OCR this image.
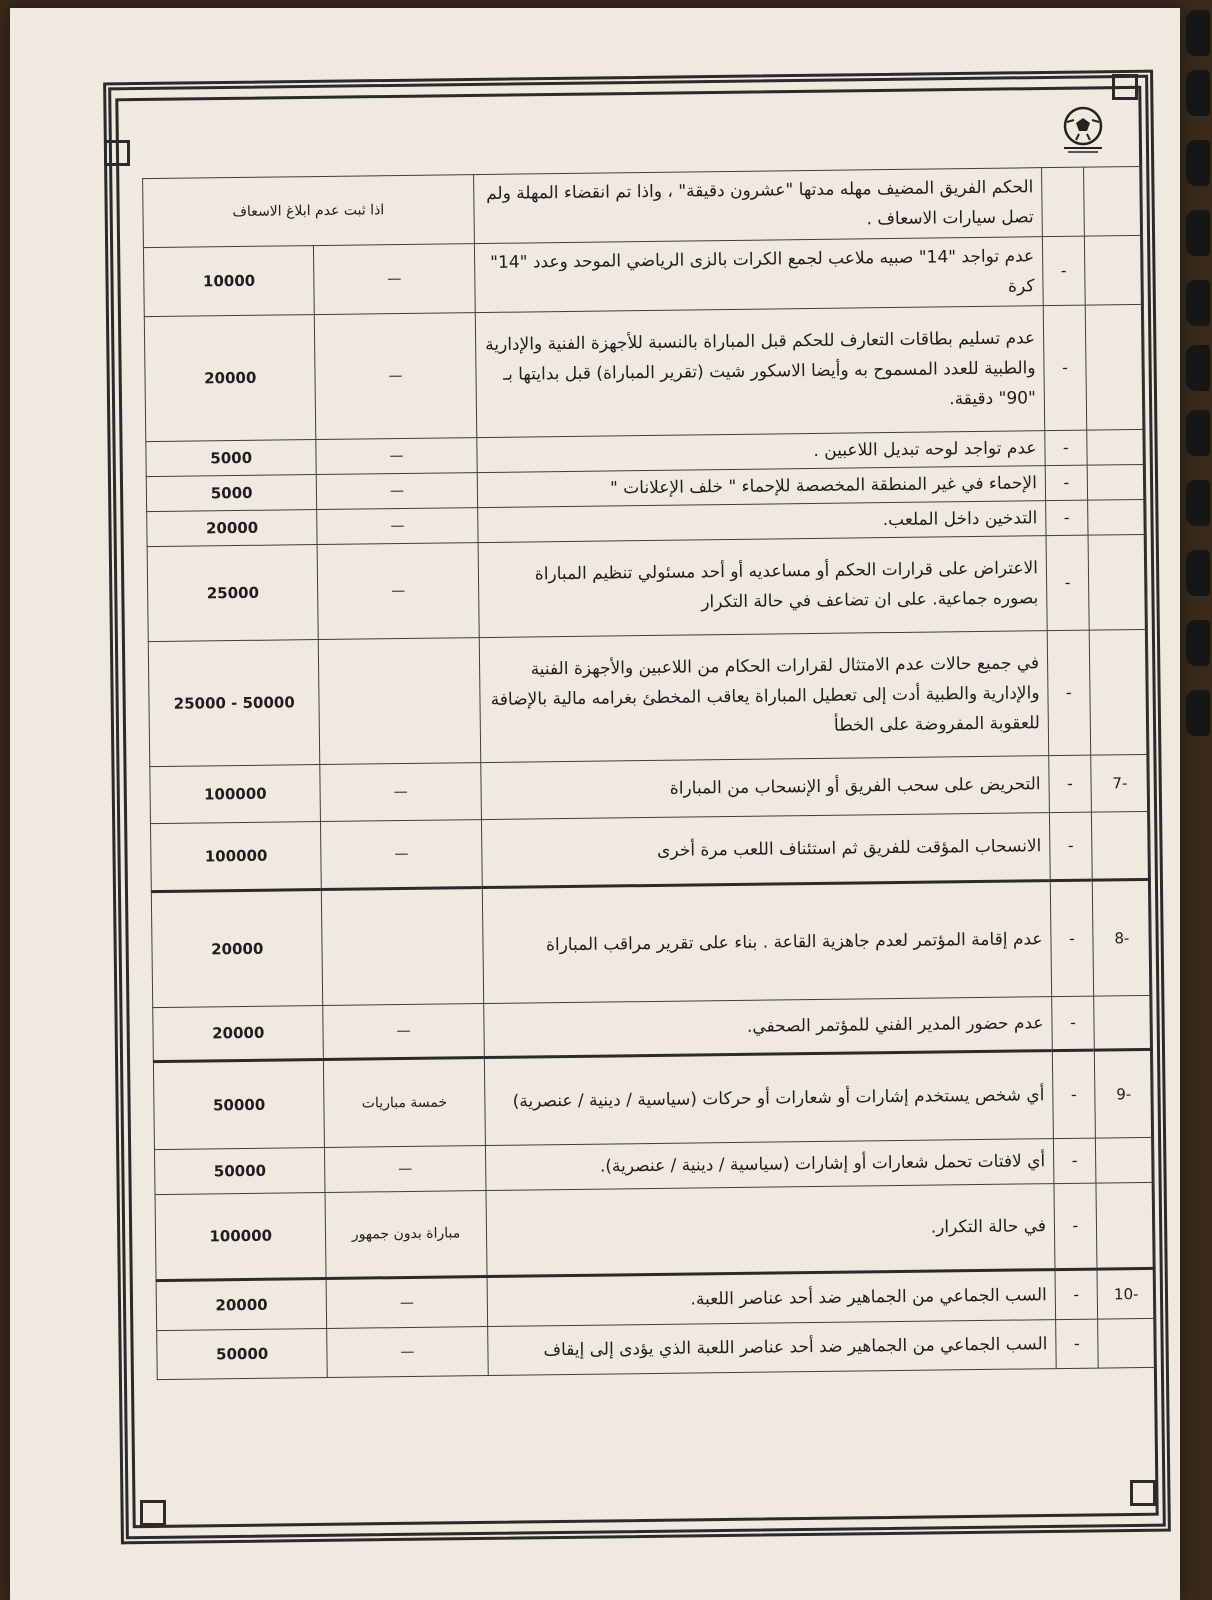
		الحكم الفريق المضيف مهله مدتها "عشرون دقيقة" ، واذا تم انقضاء المهلة ولم تصل سيارات الاسعاف .	اذا ثبت عدم ابلاغ الاسعاف	
	-	عدم تواجد "14" صبيه ملاعب لجمع الكرات بالزى الرياضي الموحد وعدد "14" كرة	—	10000
	-	عدم تسليم بطاقات التعارف للحكم قبل المباراة بالنسبة للأجهزة الفنية والإدارية والطبية للعدد المسموح به وأيضا الاسكور شيت (تقرير المباراة) قبل بدايتها بـ "90" دقيقة.	—	20000
	-	عدم تواجد لوحه تبديل اللاعبين .	—	5000
	-	الإحماء في غير المنطقة المخصصة للإحماء " خلف الإعلانات "	—	5000
	-	التدخين داخل الملعب.	—	20000
	-	الاعتراض على قرارات الحكم أو مساعديه أو أحد مسئولي تنظيم المباراة بصوره جماعية. على ان تضاعف في حالة التكرار	—	25000
	-	في جميع حالات عدم الامتثال لقرارات الحكام من اللاعبين والأجهزة الفنية والإدارية والطبية أدت إلى تعطيل المباراة يعاقب المخطئ بغرامه مالية بالإضافة للعقوبة المفروضة على الخطأ		50000 - 25000
-7	-	التحريض على سحب الفريق أو الإنسحاب من المباراة	—	100000
	-	الانسحاب المؤقت للفريق ثم استئناف اللعب مرة أخرى	—	100000
-8	-	عدم إقامة المؤتمر لعدم جاهزية القاعة . بناء على تقرير مراقب المباراة		20000
	-	عدم حضور المدير الفني للمؤتمر الصحفي.	—	20000
-9	-	أي شخص يستخدم إشارات أو شعارات أو حركات (سياسية / دينية / عنصرية)	خمسة مباريات	50000
	-	أي لافتات تحمل شعارات أو إشارات (سياسية / دينية / عنصرية).	—	50000
	-	في حالة التكرار.	مباراة بدون جمهور	100000
-10	-	السب الجماعي من الجماهير ضد أحد عناصر اللعبة.	—	20000
	-	السب الجماعي من الجماهير ضد أحد عناصر اللعبة الذي يؤدى إلى إيقاف	—	50000
